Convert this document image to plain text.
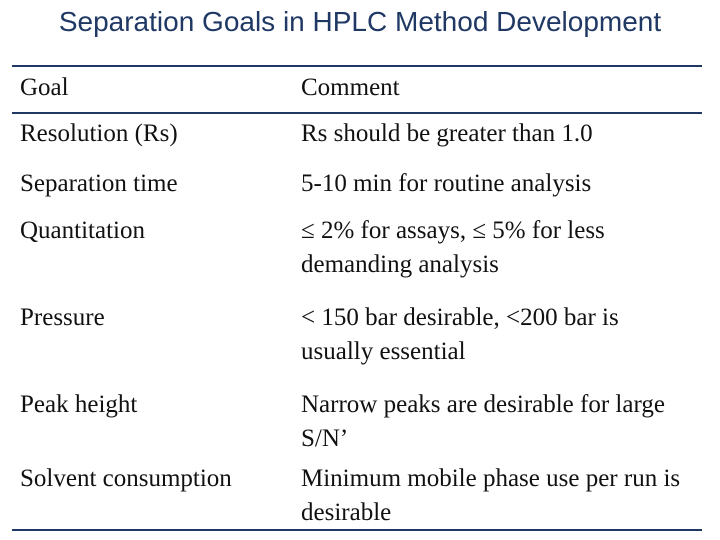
Separation Goals in HPLC Method Development
Goal	Comment
Resolution (Rs)	Rs should be greater than 1.0
Separation time	5-10 min for routine analysis
Quantitation	≤ 2% for assays, ≤ 5% for less demanding analysis
Pressure	< 150 bar desirable, <200 bar is usually essential
Peak height	Narrow peaks are desirable for large S/N’
Solvent consumption	Minimum mobile phase use per run is desirable
